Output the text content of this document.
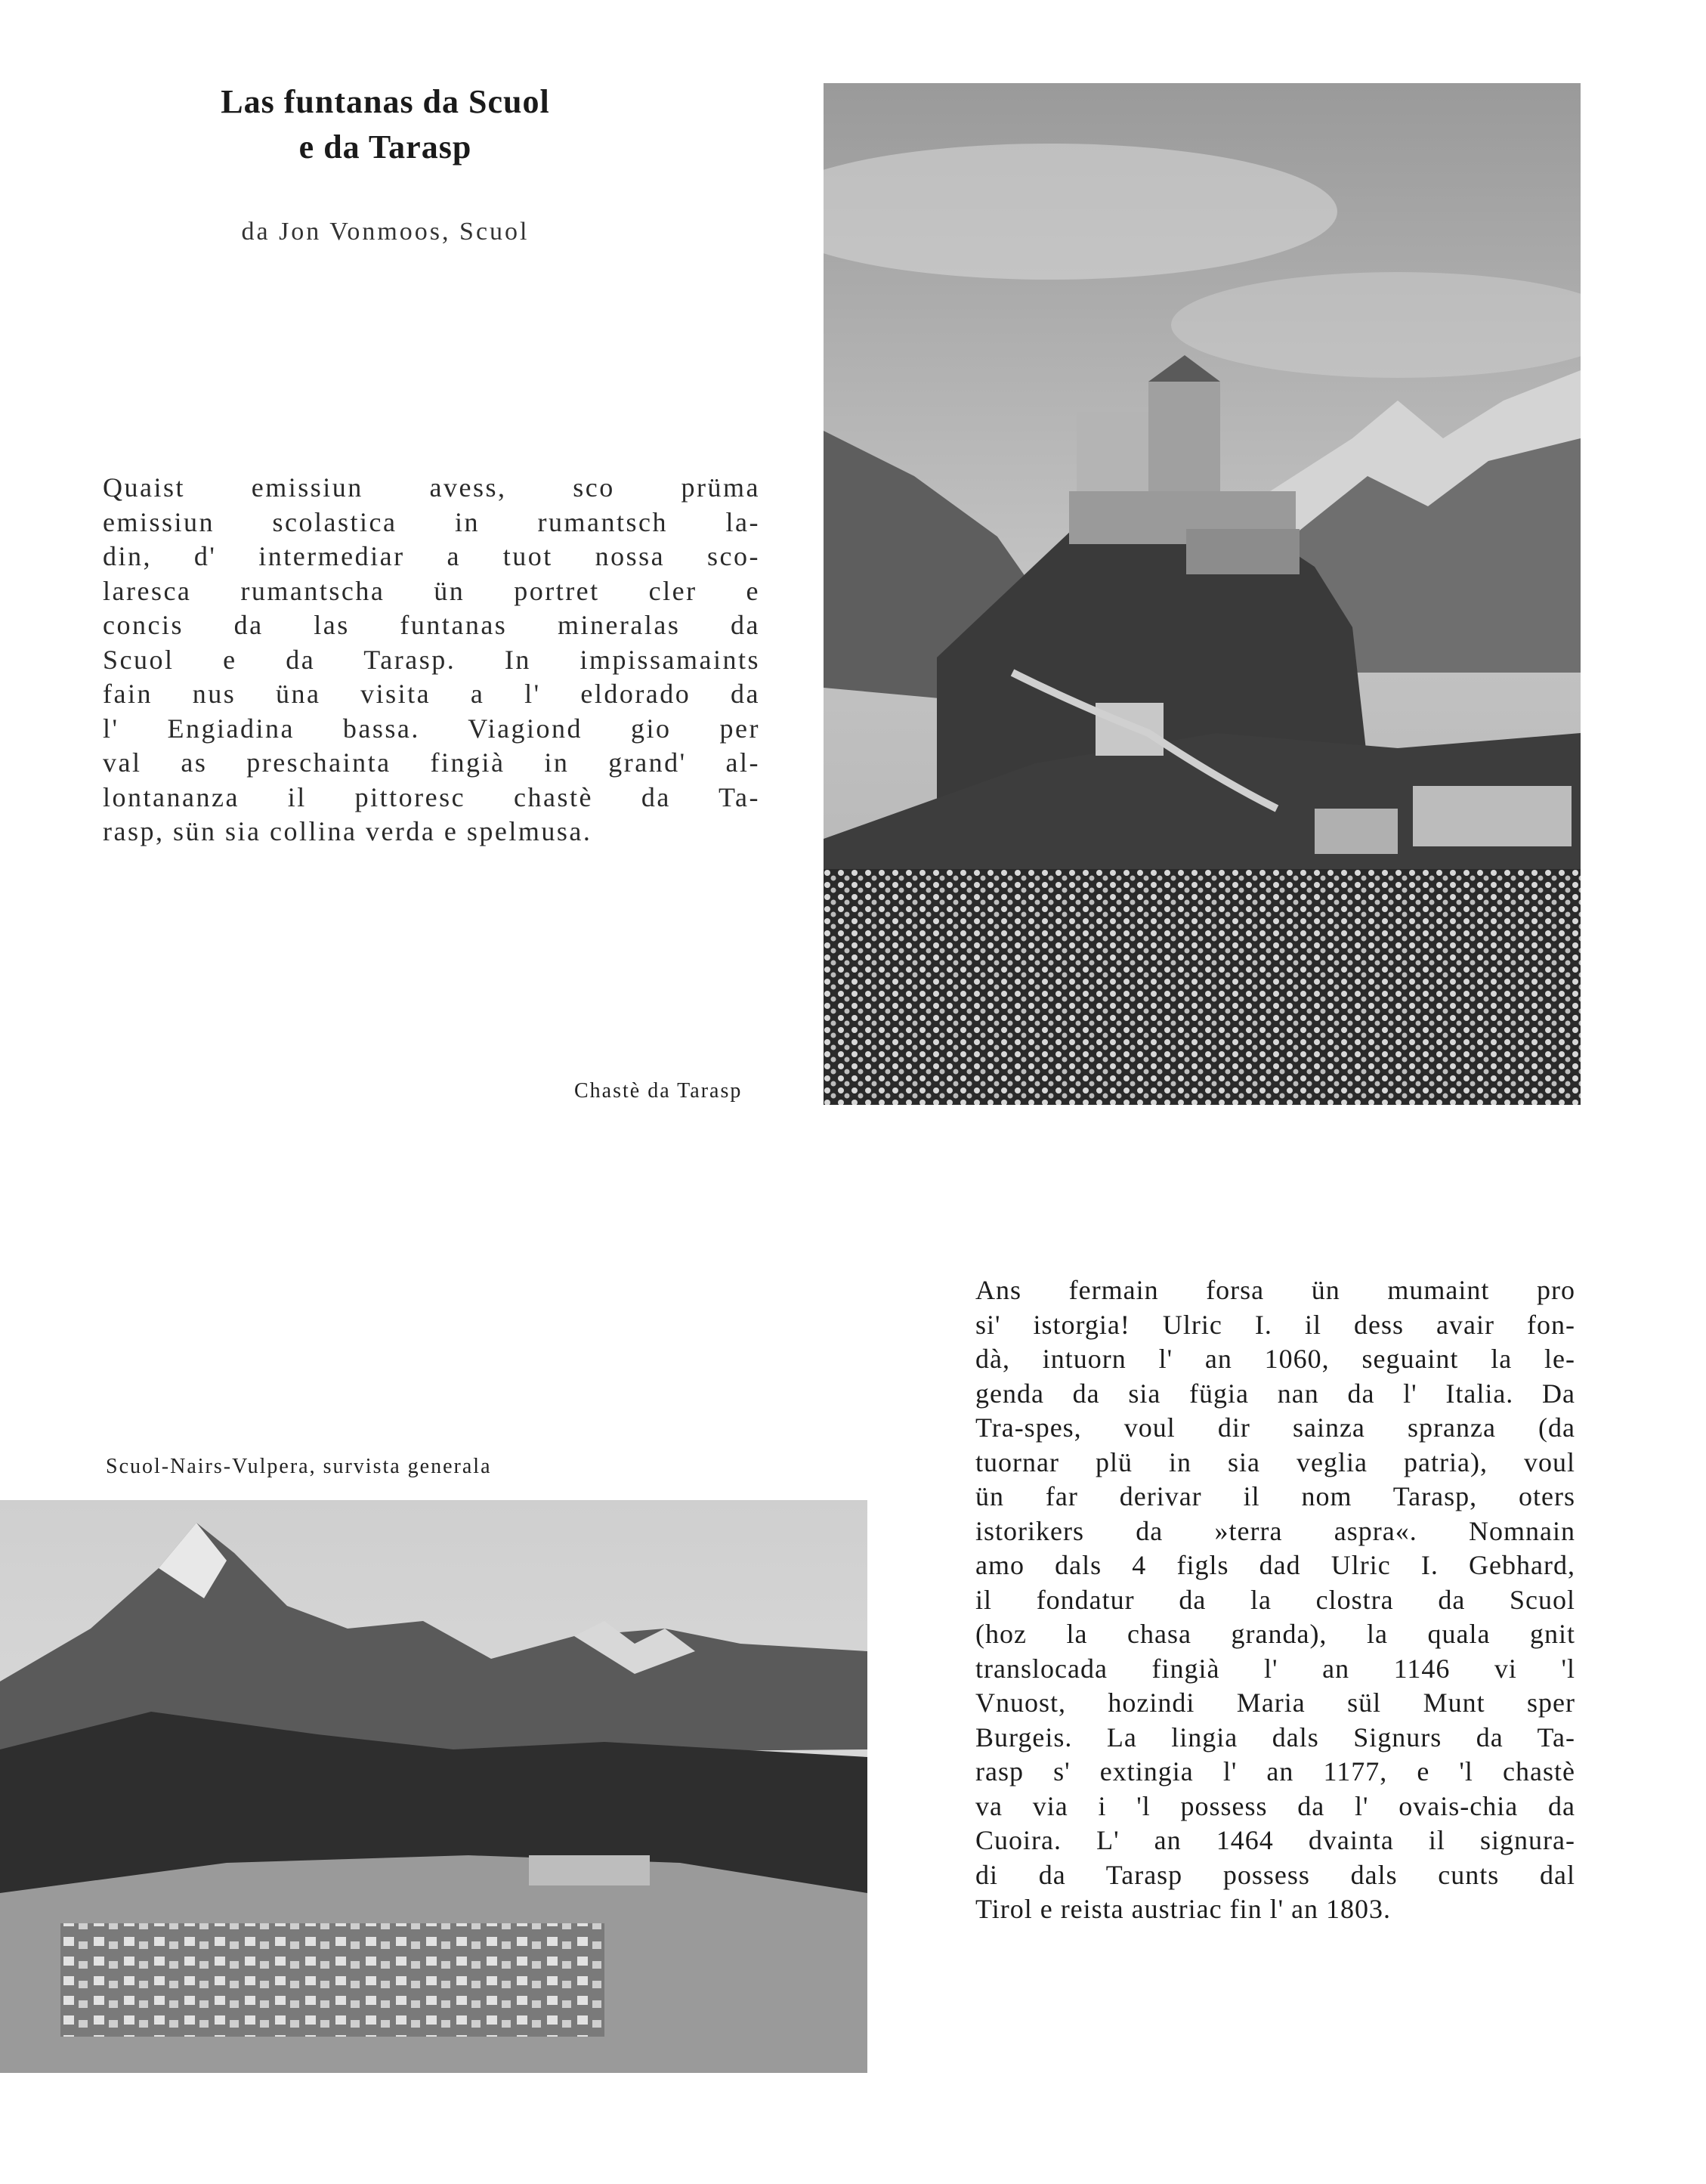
Las funtanas da Scuol
e da Tarasp
da Jon Vonmoos, Scuol
Quaist emissiun avess, sco prüma
emissiun scolastica in rumantsch la-
din, d' intermediar a tuot nossa sco-
laresca rumantscha ün portret cler e
concis da las funtanas mineralas da
Scuol e da Tarasp. In impissamaints
fain nus üna visita a l' eldorado da
l' Engiadina bassa. Viagiond gio per
val as preschainta fingià in grand' al-
lontananza il pittoresc chastè da Ta-
rasp, sün sia collina verda e spelmusa.
Chastè da Tarasp
Scuol-Nairs-Vulpera, survista generala
Ans fermain forsa ün mumaint pro
si' istorgia! Ulric I. il dess avair fon-
dà, intuorn l' an 1060, seguaint la le-
genda da sia fügia nan da l' Italia. Da
Tra-spes, voul dir sainza spranza (da
tuornar plü in sia veglia patria), voul
ün far derivar il nom Tarasp, oters
istorikers da »terra aspra«. Nomnain
amo dals 4 figls dad Ulric I. Gebhard,
il fondatur da la clostra da Scuol
(hoz la chasa granda), la quala gnit
translocada fingià l' an 1146 vi 'l
Vnuost, hozindi Maria sül Munt sper
Burgeis. La lingia dals Signurs da Ta-
rasp s' extingia l' an 1177, e 'l chastè
va via i 'l possess da l' ovais-chia da
Cuoira. L' an 1464 dvainta il signura-
di da Tarasp possess dals cunts dal
Tirol e reista austriac fin l' an 1803.
